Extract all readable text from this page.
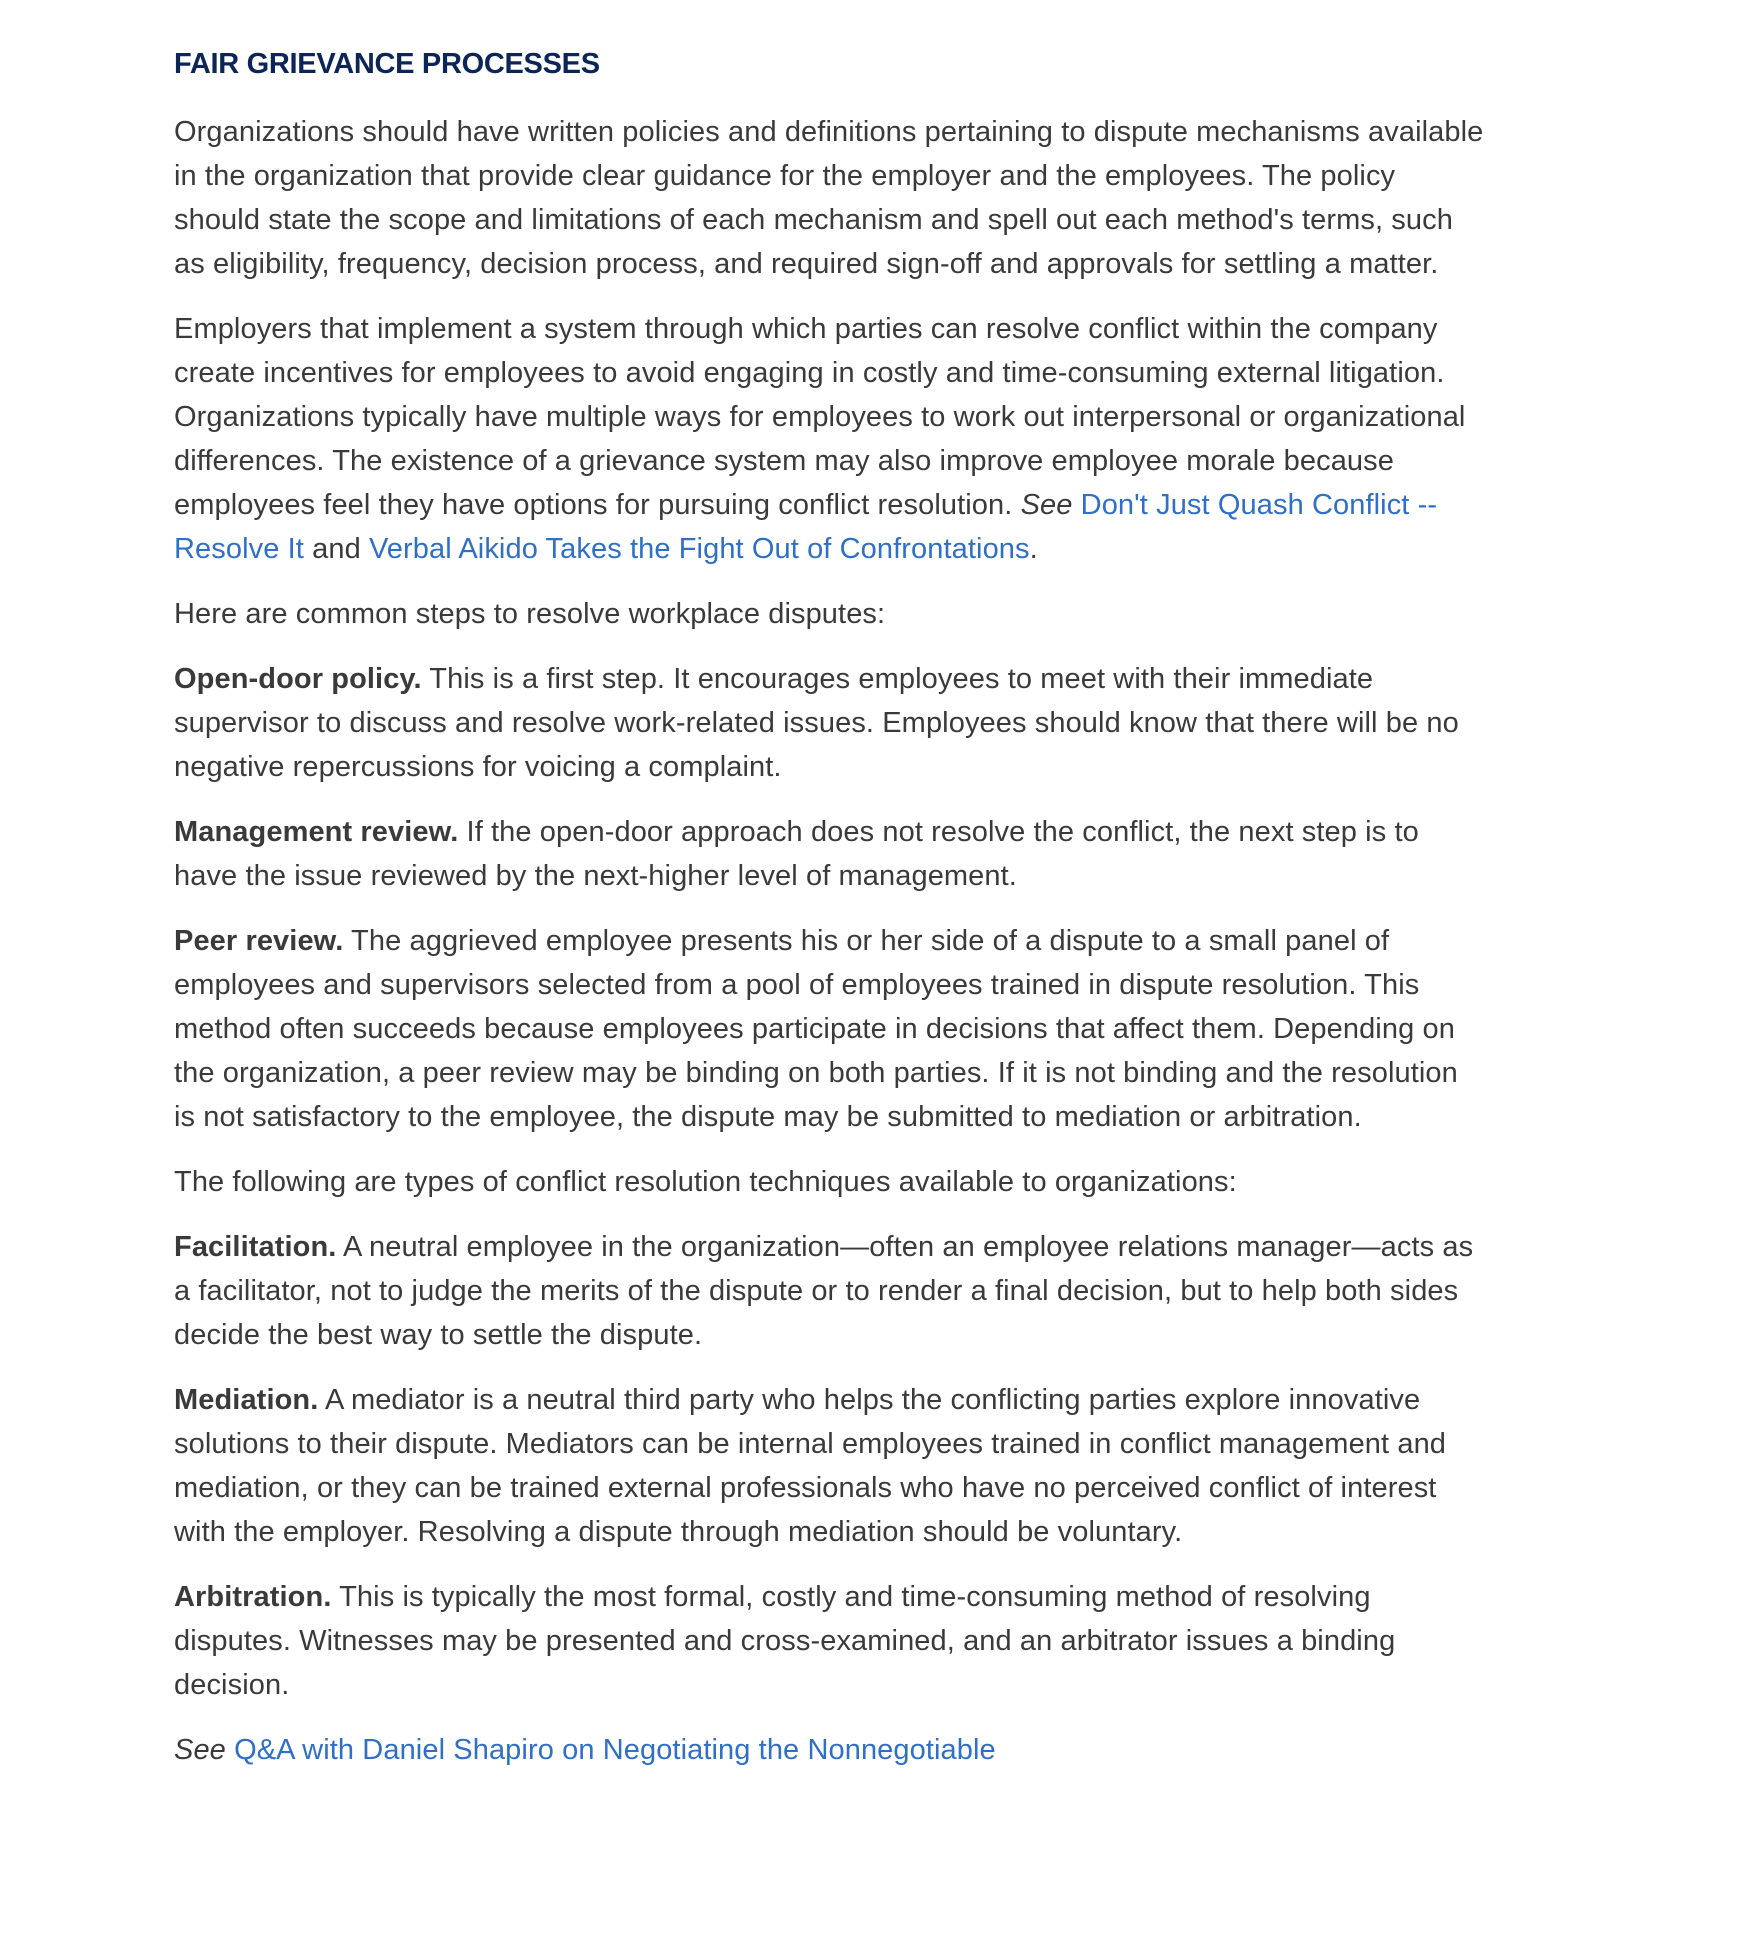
FAIR GRIEVANCE PROCESSES

Organizations should have written policies and definitions pertaining to dispute mechanisms available in the organization that provide clear guidance for the employer and the employees. The policy should state the scope and limitations of each mechanism and spell out each method's terms, such as eligibility, frequency, decision process, and required sign-off and approvals for settling a matter.

Employers that implement a system through which parties can resolve conflict within the company create incentives for employees to avoid engaging in costly and time-consuming external litigation. Organizations typically have multiple ways for employees to work out interpersonal or organizational differences. The existence of a grievance system may also improve employee morale because employees feel they have options for pursuing conflict resolution. See Don't Just Quash Conflict -- Resolve It and Verbal Aikido Takes the Fight Out of Confrontations.

Here are common steps to resolve workplace disputes:

Open-door policy. This is a first step. It encourages employees to meet with their immediate supervisor to discuss and resolve work-related issues. Employees should know that there will be no negative repercussions for voicing a complaint.

Management review. If the open-door approach does not resolve the conflict, the next step is to have the issue reviewed by the next-higher level of management.

Peer review. The aggrieved employee presents his or her side of a dispute to a small panel of employees and supervisors selected from a pool of employees trained in dispute resolution. This method often succeeds because employees participate in decisions that affect them. Depending on the organization, a peer review may be binding on both parties. If it is not binding and the resolution is not satisfactory to the employee, the dispute may be submitted to mediation or arbitration.

The following are types of conflict resolution techniques available to organizations:

Facilitation. A neutral employee in the organization—often an employee relations manager—acts as a facilitator, not to judge the merits of the dispute or to render a final decision, but to help both sides decide the best way to settle the dispute.

Mediation. A mediator is a neutral third party who helps the conflicting parties explore innovative solutions to their dispute. Mediators can be internal employees trained in conflict management and mediation, or they can be trained external professionals who have no perceived conflict of interest with the employer. Resolving a dispute through mediation should be voluntary.

Arbitration. This is typically the most formal, costly and time-consuming method of resolving disputes. Witnesses may be presented and cross-examined, and an arbitrator issues a binding decision.

See Q&A with Daniel Shapiro on Negotiating the Nonnegotiable
